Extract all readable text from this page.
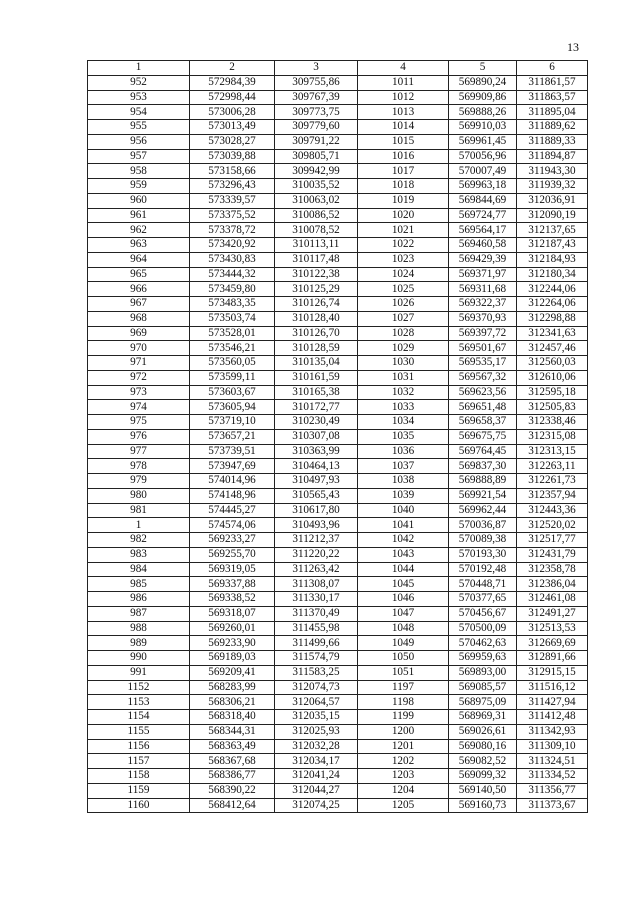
13
1	2	3	4	5	6
952	572984,39	309755,86	1011	569890,24	311861,57
953	572998,44	309767,39	1012	569909,86	311863,57
954	573006,28	309773,75	1013	569888,26	311895,04
955	573013,49	309779,60	1014	569910,03	311889,62
956	573028,27	309791,22	1015	569961,45	311889,33
957	573039,88	309805,71	1016	570056,96	311894,87
958	573158,66	309942,99	1017	570007,49	311943,30
959	573296,43	310035,52	1018	569963,18	311939,32
960	573339,57	310063,02	1019	569844,69	312036,91
961	573375,52	310086,52	1020	569724,77	312090,19
962	573378,72	310078,52	1021	569564,17	312137,65
963	573420,92	310113,11	1022	569460,58	312187,43
964	573430,83	310117,48	1023	569429,39	312184,93
965	573444,32	310122,38	1024	569371,97	312180,34
966	573459,80	310125,29	1025	569311,68	312244,06
967	573483,35	310126,74	1026	569322,37	312264,06
968	573503,74	310128,40	1027	569370,93	312298,88
969	573528,01	310126,70	1028	569397,72	312341,63
970	573546,21	310128,59	1029	569501,67	312457,46
971	573560,05	310135,04	1030	569535,17	312560,03
972	573599,11	310161,59	1031	569567,32	312610,06
973	573603,67	310165,38	1032	569623,56	312595,18
974	573605,94	310172,77	1033	569651,48	312505,83
975	573719,10	310230,49	1034	569658,37	312338,46
976	573657,21	310307,08	1035	569675,75	312315,08
977	573739,51	310363,99	1036	569764,45	312313,15
978	573947,69	310464,13	1037	569837,30	312263,11
979	574014,96	310497,93	1038	569888,89	312261,73
980	574148,96	310565,43	1039	569921,54	312357,94
981	574445,27	310617,80	1040	569962,44	312443,36
1	574574,06	310493,96	1041	570036,87	312520,02
982	569233,27	311212,37	1042	570089,38	312517,77
983	569255,70	311220,22	1043	570193,30	312431,79
984	569319,05	311263,42	1044	570192,48	312358,78
985	569337,88	311308,07	1045	570448,71	312386,04
986	569338,52	311330,17	1046	570377,65	312461,08
987	569318,07	311370,49	1047	570456,67	312491,27
988	569260,01	311455,98	1048	570500,09	312513,53
989	569233,90	311499,66	1049	570462,63	312669,69
990	569189,03	311574,79	1050	569959,63	312891,66
991	569209,41	311583,25	1051	569893,00	312915,15
1152	568283,99	312074,73	1197	569085,57	311516,12
1153	568306,21	312064,57	1198	568975,09	311427,94
1154	568318,40	312035,15	1199	568969,31	311412,48
1155	568344,31	312025,93	1200	569026,61	311342,93
1156	568363,49	312032,28	1201	569080,16	311309,10
1157	568367,68	312034,17	1202	569082,52	311324,51
1158	568386,77	312041,24	1203	569099,32	311334,52
1159	568390,22	312044,27	1204	569140,50	311356,77
1160	568412,64	312074,25	1205	569160,73	311373,67
